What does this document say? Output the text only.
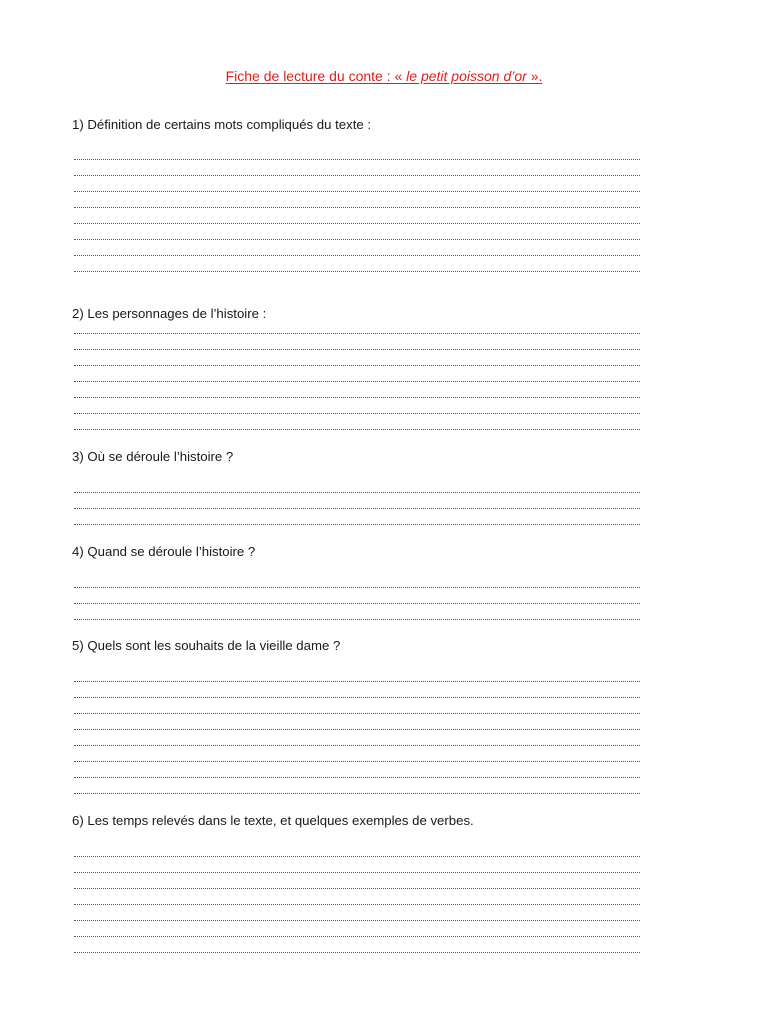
Fiche de lecture du conte : « le petit poisson d’or ».
1) Définition de certains mots compliqués du texte :
2) Les personnages de l’histoire :
3) Où se déroule l’histoire ?
4) Quand se déroule l’histoire ?
5) Quels sont les souhaits de la vieille dame ?
6) Les temps relevés dans le texte, et quelques exemples de verbes.
